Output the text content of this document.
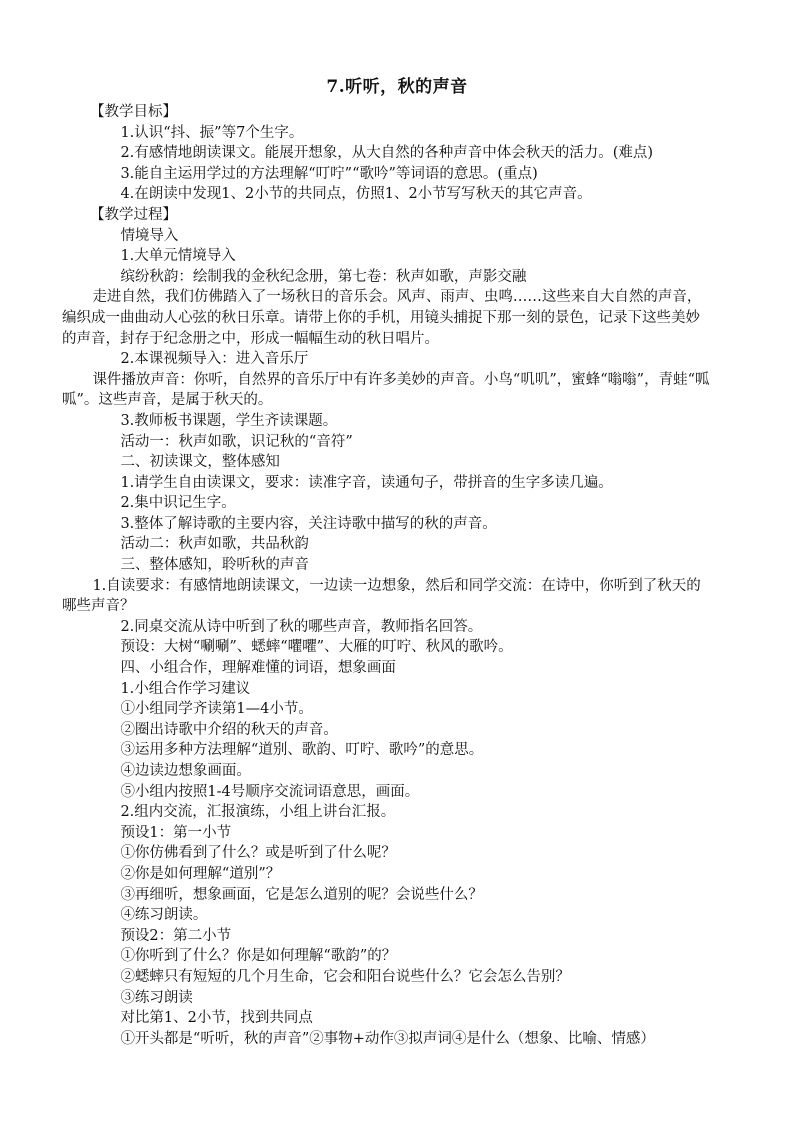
7.听听，秋的声音

【教学目标】

1.认识“抖、振”等7个生字。

2.有感情地朗读课文。能展开想象，从大自然的各种声音中体会秋天的活力。(难点)

3.能自主运用学过的方法理解“叮咛”“歌吟”等词语的意思。(重点)

4.在朗读中发现1、2小节的共同点，仿照1、2小节写写秋天的其它声音。

【教学过程】

情境导入

1.大单元情境导入

缤纷秋韵：绘制我的金秋纪念册，第七卷：秋声如歌，声影交融

走进自然，我们仿佛踏入了一场秋日的音乐会。风声、雨声、虫鸣……这些来自大自然的声音，编织成一曲曲动人心弦的秋日乐章。请带上你的手机，用镜头捕捉下那一刻的景色，记录下这些美妙的声音，封存于纪念册之中，形成一幅幅生动的秋日唱片。

2.本课视频导入：进入音乐厅

课件播放声音：你听，自然界的音乐厅中有许多美妙的声音。小鸟“叽叽”，蜜蜂“嗡嗡”，青蛙“呱呱”。这些声音，是属于秋天的。

3.教师板书课题，学生齐读课题。

活动一：秋声如歌，识记秋的“音符”

二、初读课文，整体感知

1.请学生自由读课文，要求：读准字音，读通句子，带拼音的生字多读几遍。

2.集中识记生字。

3.整体了解诗歌的主要内容，关注诗歌中描写的秋的声音。

活动二：秋声如歌，共品秋韵

三、整体感知，聆听秋的声音

1.自读要求：有感情地朗读课文，一边读一边想象，然后和同学交流：在诗中，你听到了秋天的哪些声音？

2.同桌交流从诗中听到了秋的哪些声音，教师指名回答。

预设：大树“唰唰”、蟋蟀“㘗㘗”、大雁的叮咛、秋风的歌吟。

四、小组合作，理解难懂的词语，想象画面

1.小组合作学习建议

①小组同学齐读第1—4小节。

②圈出诗歌中介绍的秋天的声音。

③运用多种方法理解“道别、歌韵、叮咛、歌吟”的意思。

④边读边想象画面。

⑤小组内按照1-4号顺序交流词语意思，画面。

2.组内交流，汇报演练，小组上讲台汇报。

预设1：第一小节

①你仿佛看到了什么？或是听到了什么呢？

②你是如何理解“道别”？

③再细听，想象画面，它是怎么道别的呢？会说些什么？

④练习朗读。

预设2：第二小节

①你听到了什么？你是如何理解“歌韵”的？

②蟋蟀只有短短的几个月生命，它会和阳台说些什么？它会怎么告别？

③练习朗读

对比第1、2小节，找到共同点

①开头都是“听听，秋的声音”②事物+动作③拟声词④是什么（想象、比喻、情感）
